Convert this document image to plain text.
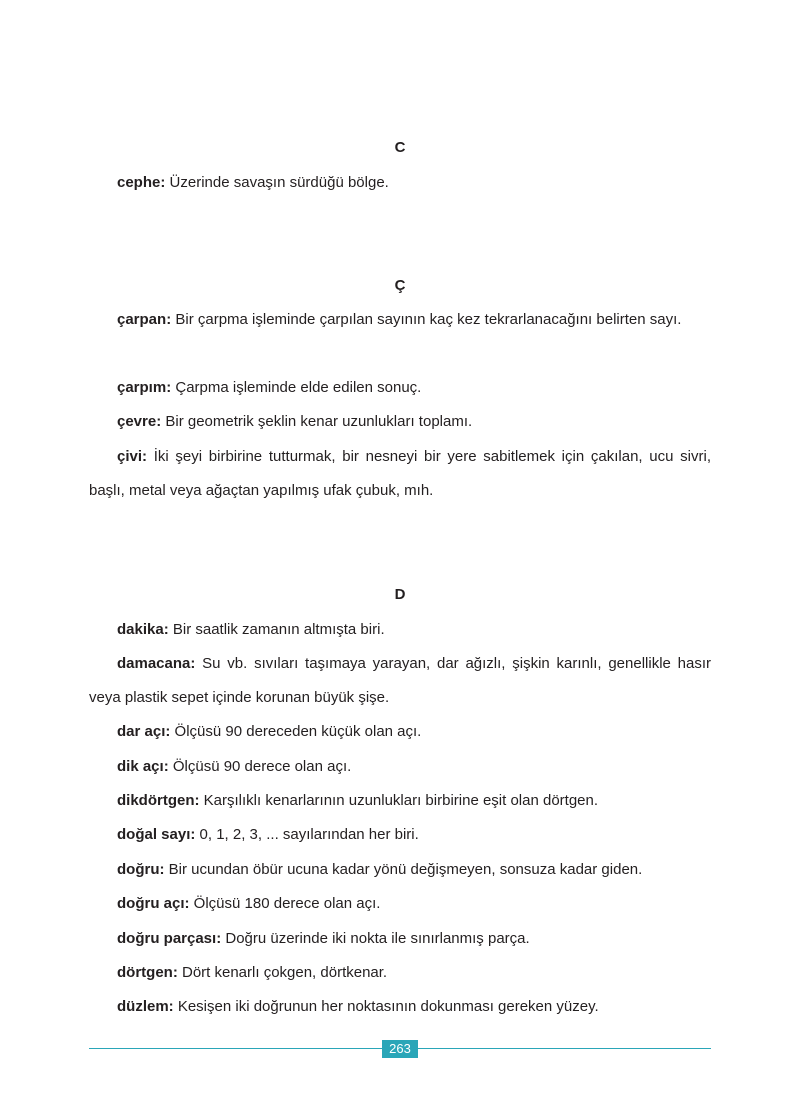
C

cephe: Üzerinde savaşın sürdüğü bölge.

Ç

çarpan: Bir çarpma işleminde çarpılan sayının kaç kez tekrarlanacağını belirten sayı.

çarpım: Çarpma işleminde elde edilen sonuç.

çevre: Bir geometrik şeklin kenar uzunlukları toplamı.

çivi: İki şeyi birbirine tutturmak, bir nesneyi bir yere sabitlemek için çakılan, ucu sivri, başlı, metal veya ağaçtan yapılmış ufak çubuk, mıh.

D

dakika: Bir saatlik zamanın altmışta biri.

damacana: Su vb. sıvıları taşımaya yarayan, dar ağızlı, şişkin karınlı, genellikle hasır veya plastik sepet içinde korunan büyük şişe.

dar açı: Ölçüsü 90 dereceden küçük olan açı.

dik açı: Ölçüsü 90 derece olan açı.

dikdörtgen: Karşılıklı kenarlarının uzunlukları birbirine eşit olan dörtgen.

doğal sayı: 0, 1, 2, 3, ... sayılarından her biri.

doğru: Bir ucundan öbür ucuna kadar yönü değişmeyen, sonsuza kadar giden.

doğru açı: Ölçüsü 180 derece olan açı.

doğru parçası: Doğru üzerinde iki nokta ile sınırlanmış parça.

dörtgen: Dört kenarlı çokgen, dörtkenar.

düzlem: Kesişen iki doğrunun her noktasının dokunması gereken yüzey.

263
